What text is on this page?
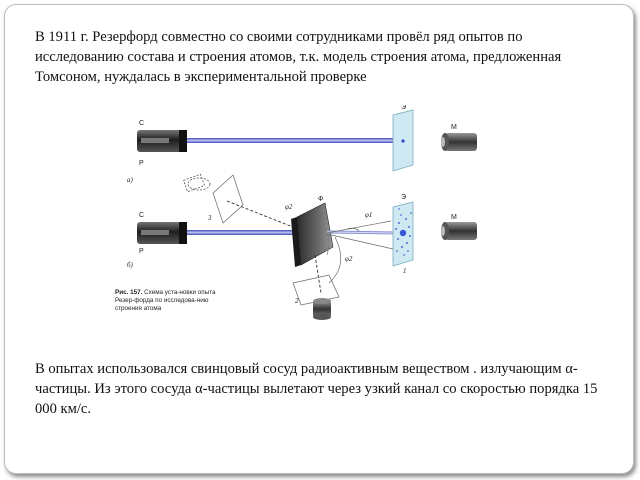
В 1911 г. Резерфорд совместно со своими сотрудниками провёл ряд опытов по исследованию состава и строения атомов, т.к. модель строения атома, предложенная Томсоном, нуждалась в экспериментальной проверке

С
Р
Э
М
а)
3
2
С
Р
Э
М
Ф
φ1
φ2
φ2
б)
1
Рис. 157. Схема уста-новки опыта Резер-форда по исследова-нию строения атома

В опытах использовался свинцовый сосуд радиоактивным веществом . излучающим α-частицы. Из этого сосуда α-частицы вылетают через узкий канал со скоростью порядка 15 000 км/с.
